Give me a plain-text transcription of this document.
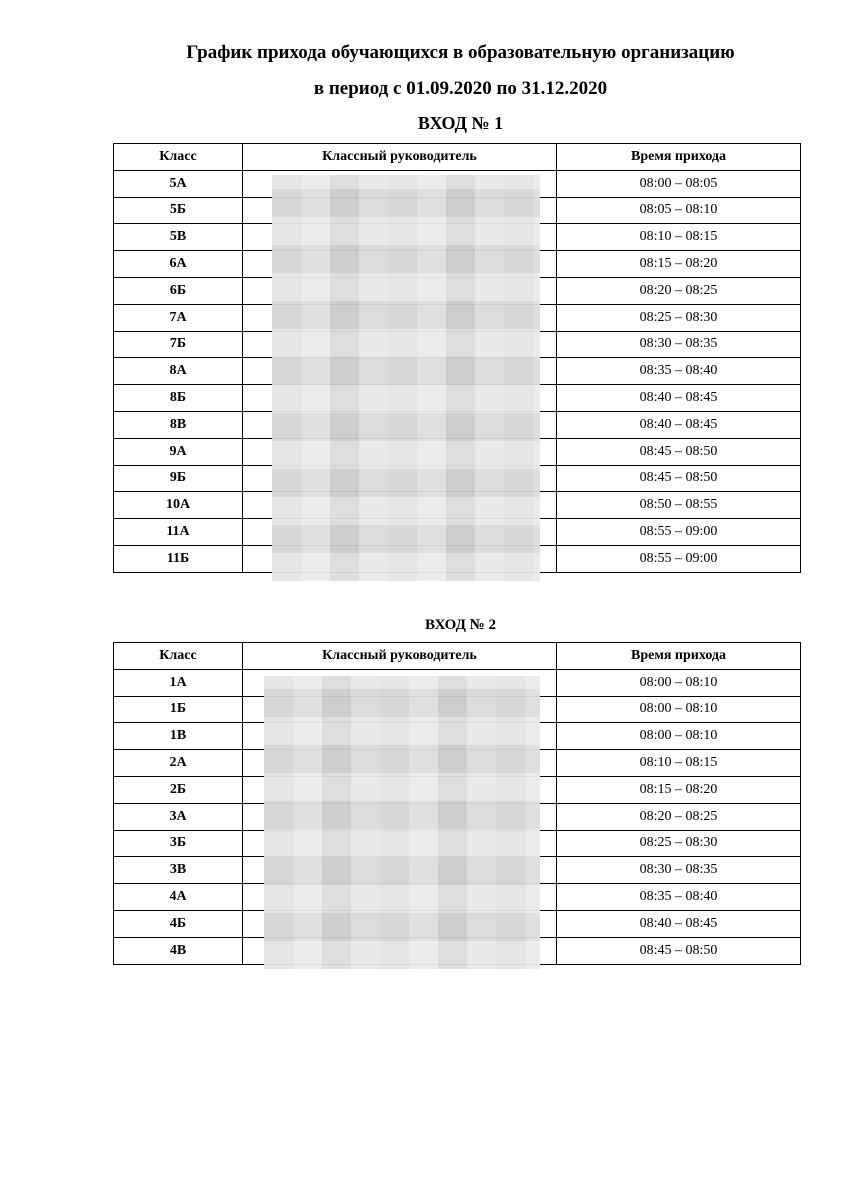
График прихода обучающихся в образовательную организацию
в период с 01.09.2020 по 31.12.2020
ВХОД № 1
Класс	Классный руководитель	Время прихода
5А		08:00 – 08:05
5Б		08:05 – 08:10
5В		08:10 – 08:15
6А		08:15 – 08:20
6Б		08:20 – 08:25
7А		08:25 – 08:30
7Б		08:30 – 08:35
8А		08:35 – 08:40
8Б		08:40 – 08:45
8В		08:40 – 08:45
9А		08:45 – 08:50
9Б		08:45 – 08:50
10А		08:50 – 08:55
11А		08:55 – 09:00
11Б		08:55 – 09:00
ВХОД № 2
Класс	Классный руководитель	Время прихода
1А		08:00 – 08:10
1Б		08:00 – 08:10
1В		08:00 – 08:10
2А		08:10 – 08:15
2Б		08:15 – 08:20
3А		08:20 – 08:25
3Б		08:25 – 08:30
3В		08:30 – 08:35
4А		08:35 – 08:40
4Б		08:40 – 08:45
4В		08:45 – 08:50
